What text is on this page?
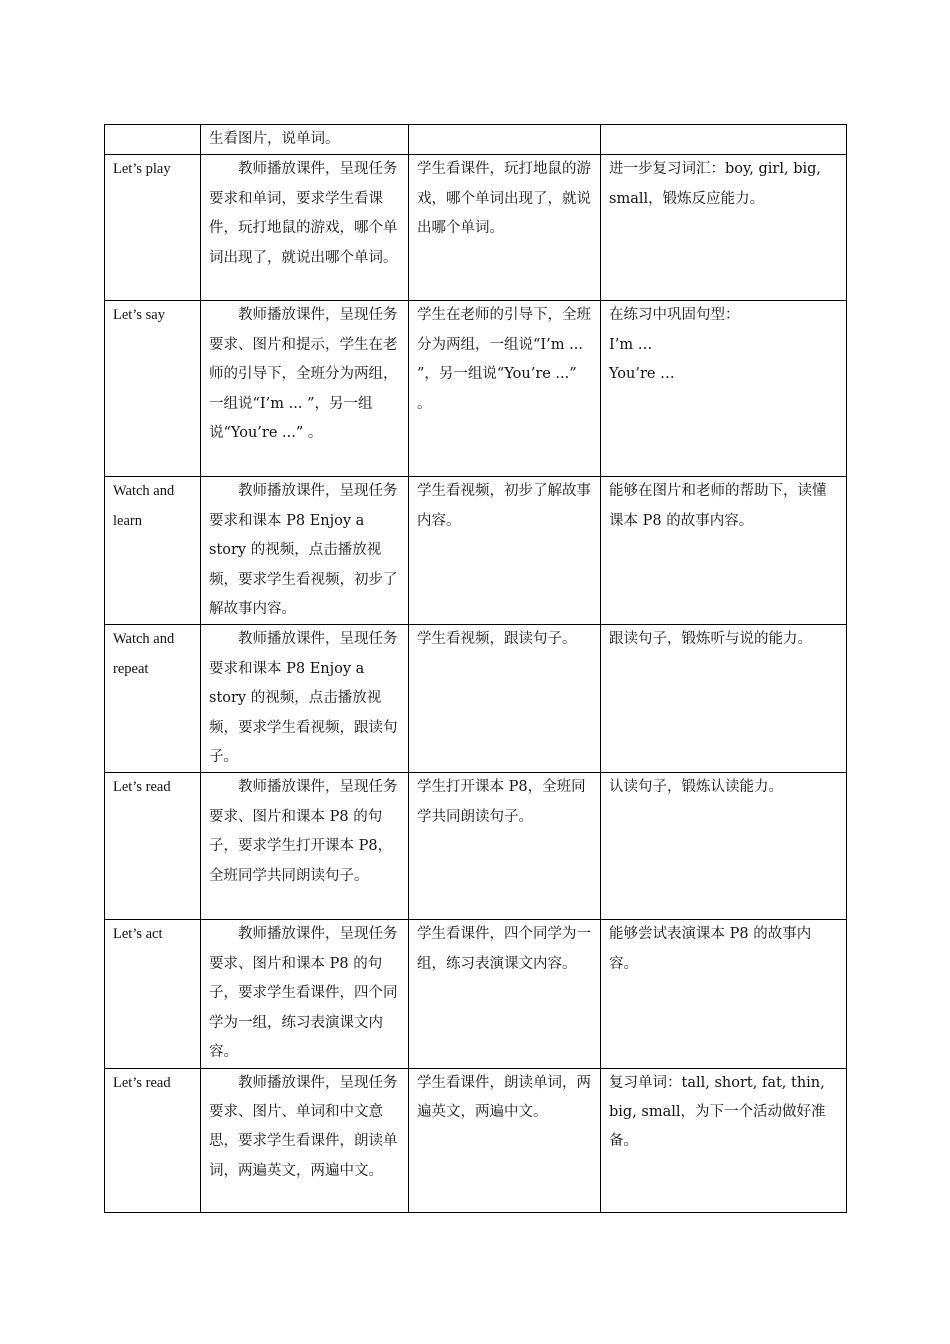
	生看图片，说单词。		
Let’s play	教师播放课件，呈现任务要求和单词，要求学生看课件，玩打地鼠的游戏，哪个单词出现了，就说出哪个单词。	学生看课件，玩打地鼠的游戏，哪个单词出现了，就说出哪个单词。	进一步复习词汇：boy, girl, big, small，锻炼反应能力。
Let’s say	教师播放课件，呈现任务要求、图片和提示，学生在老师的引导下，全班分为两组，一组说“I’m ... ”，另一组说“You’re ...” 。	学生在老师的引导下，全班分为两组，一组说“I’m ... ”，另一组说“You’re ...” 。	在练习中巩固句型：
I’m …
You’re …

Watch and learn	教师播放课件，呈现任务要求和课本 P8 Enjoy a story 的视频，点击播放视频，要求学生看视频，初步了解故事内容。	学生看视频，初步了解故事内容。	能够在图片和老师的帮助下，读懂课本 P8 的故事内容。
Watch and repeat	教师播放课件，呈现任务要求和课本 P8 Enjoy a story 的视频，点击播放视频，要求学生看视频，跟读句子。	学生看视频，跟读句子。	跟读句子，锻炼听与说的能力。
Let’s read	教师播放课件，呈现任务要求、图片和课本 P8 的句子，要求学生打开课本 P8，全班同学共同朗读句子。	学生打开课本 P8，全班同学共同朗读句子。	认读句子，锻炼认读能力。
Let’s act	教师播放课件，呈现任务要求、图片和课本 P8 的句子，要求学生看课件，四个同学为一组，练习表演课文内容。	学生看课件，四个同学为一组，练习表演课文内容。	能够尝试表演课本 P8 的故事内容。
Let’s read	教师播放课件，呈现任务要求、图片、单词和中文意思，要求学生看课件，朗读单词，两遍英文，两遍中文。	学生看课件，朗读单词，两遍英文，两遍中文。	复习单词：tall, short, fat, thin, big, small，为下一个活动做好准备。
